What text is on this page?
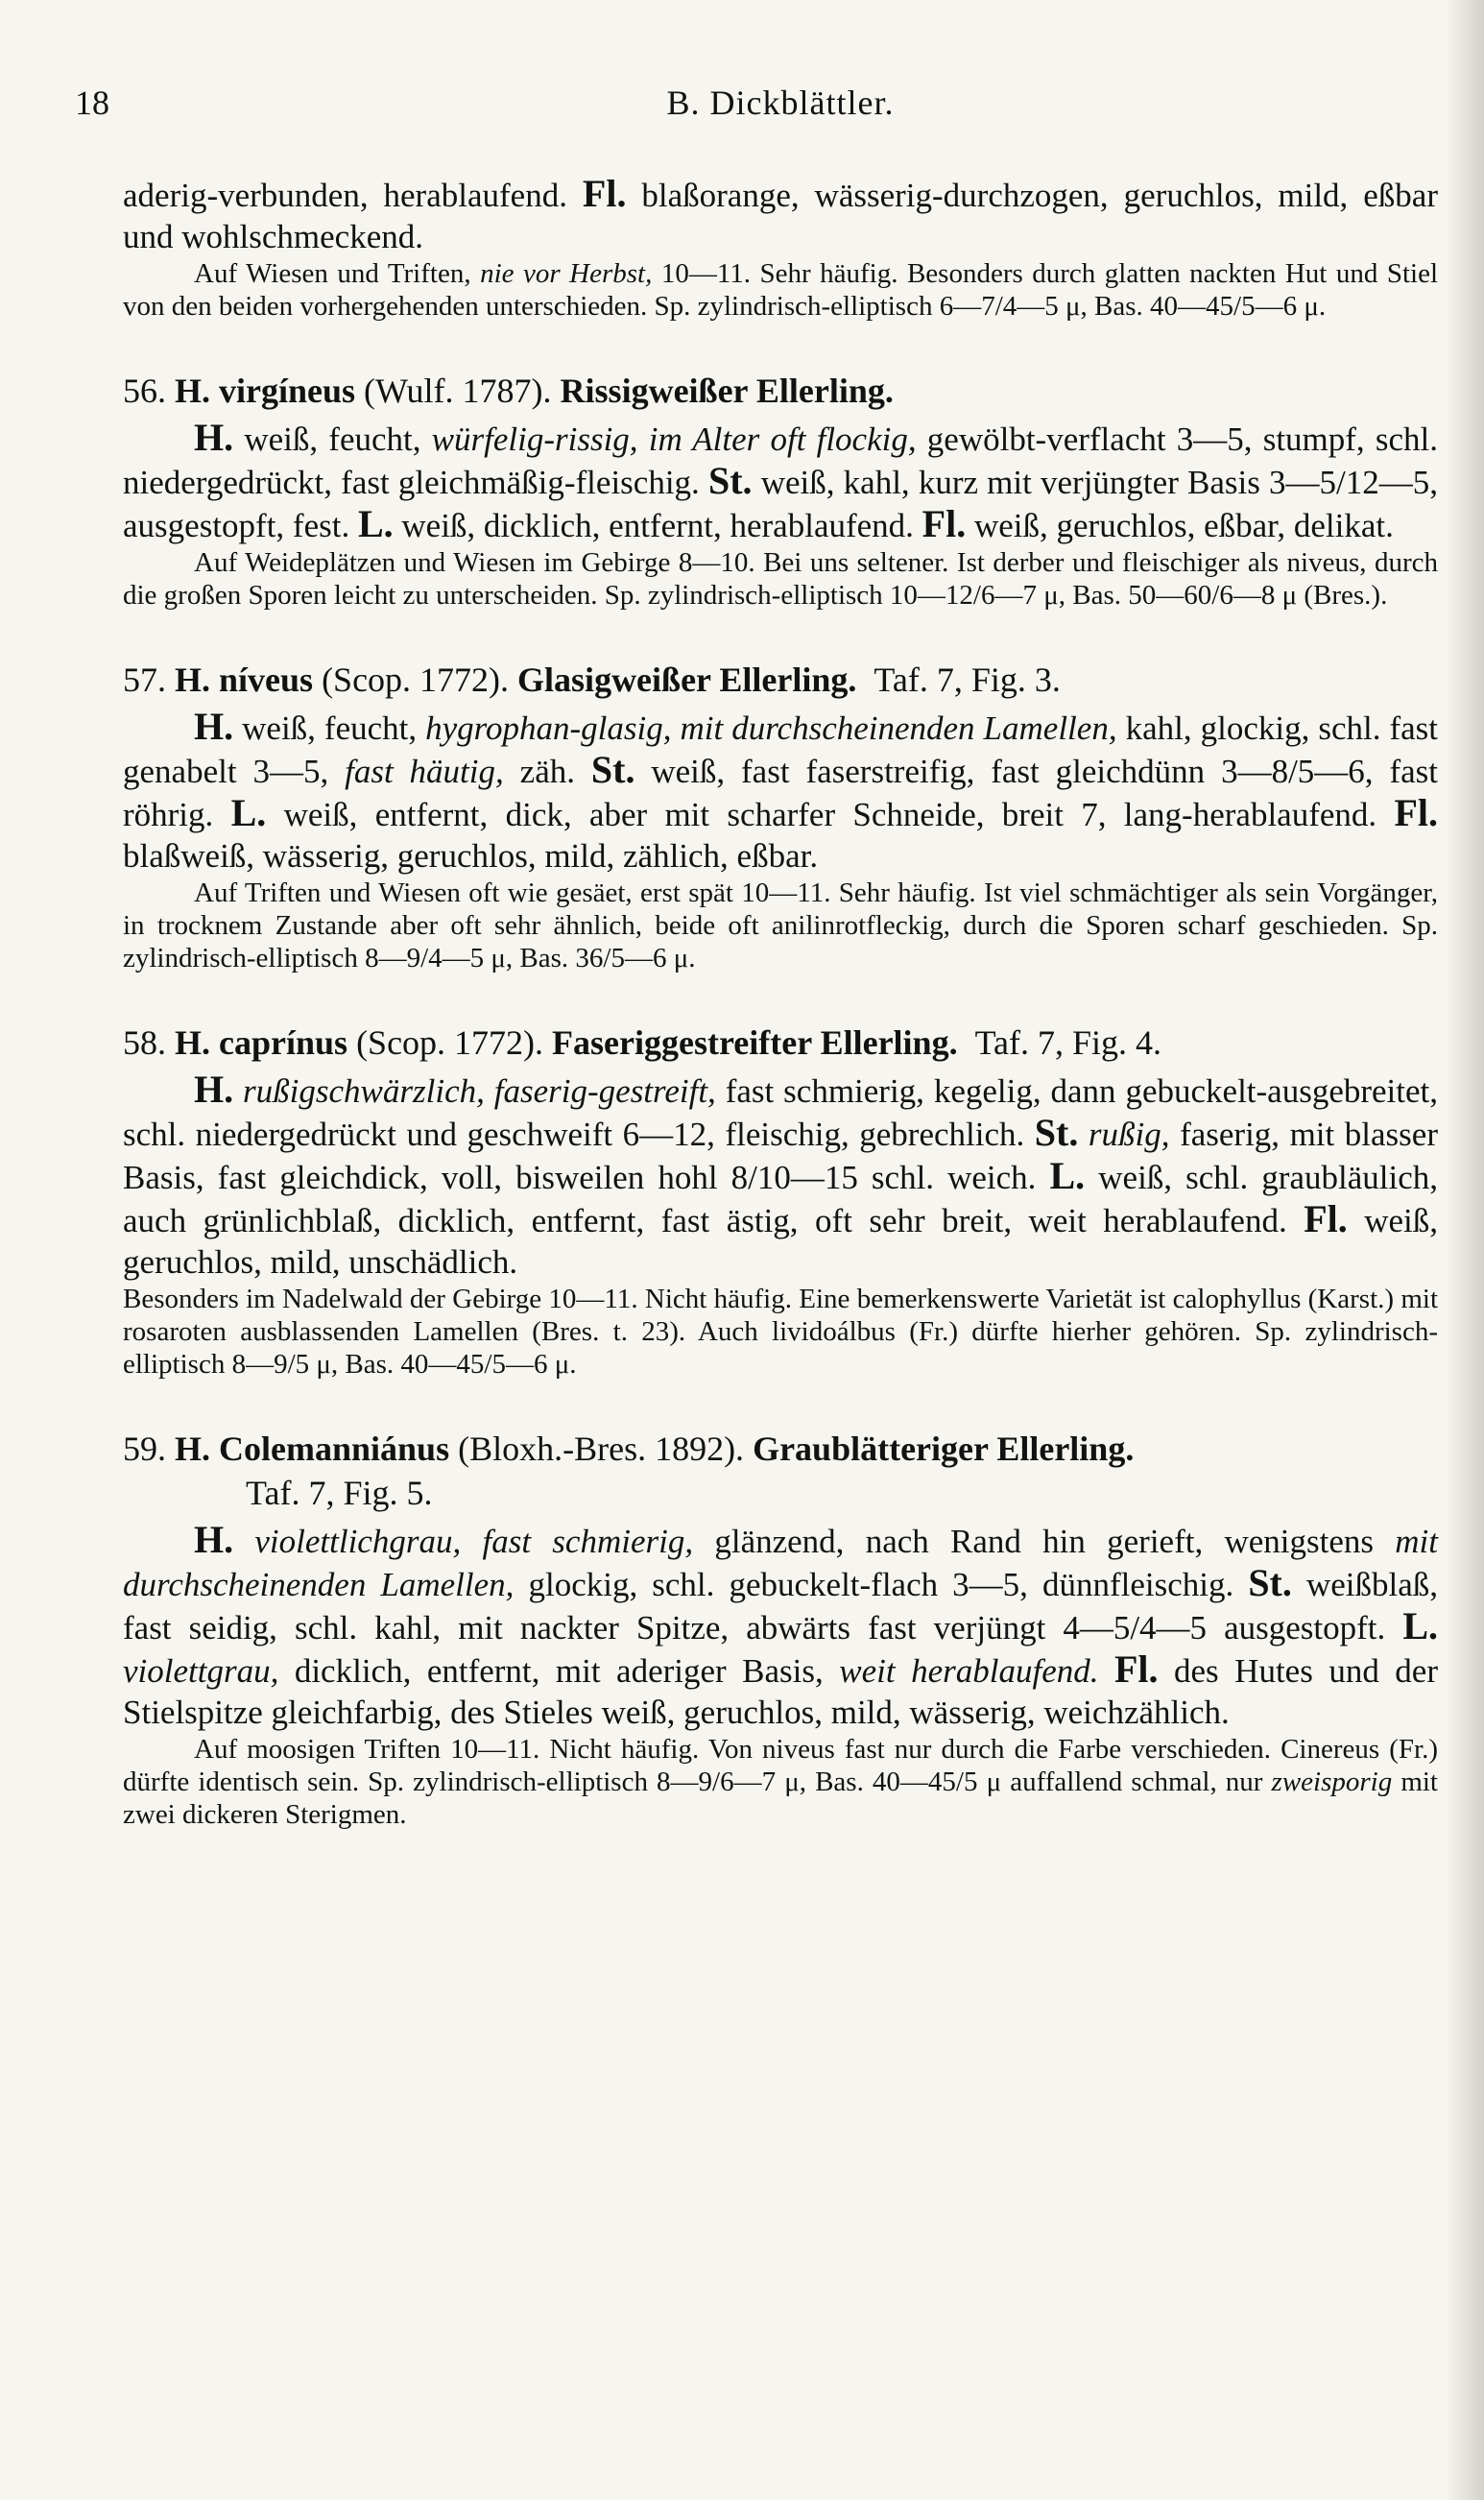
18	B. Dickblättler.

aderig-verbunden, herablaufend. Fl. blaßorange, wässerig-durchzogen, geruchlos, mild, eßbar und wohlschmeckend.

Auf Wiesen und Triften, nie vor Herbst, 10—11. Sehr häufig. Besonders durch glatten nackten Hut und Stiel von den beiden vorhergehenden unterschieden. Sp. zylindrisch-elliptisch 6—7/4—5 μ, Bas. 40—45/5—6 μ.

56. H. virgíneus (Wulf. 1787). Rissigweißer Ellerling.

H. weiß, feucht, würfelig-rissig, im Alter oft flockig, gewölbt-verflacht 3—5, stumpf, schl. niedergedrückt, fast gleichmäßig-fleischig. St. weiß, kahl, kurz mit verjüngter Basis 3—5/12—5, ausgestopft, fest. L. weiß, dicklich, entfernt, herablaufend. Fl. weiß, geruchlos, eßbar, delikat.

Auf Weideplätzen und Wiesen im Gebirge 8—10. Bei uns seltener. Ist derber und fleischiger als niveus, durch die großen Sporen leicht zu unterscheiden. Sp. zylindrisch-elliptisch 10—12/6—7 μ, Bas. 50—60/6—8 μ (Bres.).

57. H. níveus (Scop. 1772). Glasigweißer Ellerling. Taf. 7, Fig. 3.

H. weiß, feucht, hygrophan-glasig, mit durchscheinenden Lamellen, kahl, glockig, schl. fast genabelt 3—5, fast häutig, zäh. St. weiß, fast faserstreifig, fast gleichdünn 3—8/5—6, fast röhrig. L. weiß, entfernt, dick, aber mit scharfer Schneide, breit 7, lang-herablaufend. Fl. blaßweiß, wässerig, geruchlos, mild, zählich, eßbar.

Auf Triften und Wiesen oft wie gesäet, erst spät 10—11. Sehr häufig. Ist viel schmächtiger als sein Vorgänger, in trocknem Zustande aber oft sehr ähnlich, beide oft anilinrotfleckig, durch die Sporen scharf geschieden. Sp. zylindrisch-elliptisch 8—9/4—5 μ, Bas. 36/5—6 μ.

58. H. caprínus (Scop. 1772). Faseriggestreifter Ellerling. Taf. 7, Fig. 4.

H. rußigschwärzlich, faserig-gestreift, fast schmierig, kegelig, dann gebuckelt-ausgebreitet, schl. niedergedrückt und geschweift 6—12, fleischig, gebrechlich. St. rußig, faserig, mit blasser Basis, fast gleichdick, voll, bisweilen hohl 8/10—15 schl. weich. L. weiß, schl. graubläulich, auch grünlichblaß, dicklich, entfernt, fast ästig, oft sehr breit, weit herablaufend. Fl. weiß, geruchlos, mild, unschädlich.

Besonders im Nadelwald der Gebirge 10—11. Nicht häufig. Eine bemerkenswerte Varietät ist calophyllus (Karst.) mit rosaroten ausblassenden Lamellen (Bres. t. 23). Auch lividoálbus (Fr.) dürfte hierher gehören. Sp. zylindrisch-elliptisch 8—9/5 μ, Bas. 40—45/5—6 μ.

59. H. Colemanniánus (Bloxh.-Bres. 1892). Graublätteriger Ellerling.
Taf. 7, Fig. 5.

H. violettlichgrau, fast schmierig, glänzend, nach Rand hin gerieft, wenigstens mit durchscheinenden Lamellen, glockig, schl. gebuckelt-flach 3—5, dünnfleischig. St. weißblaß, fast seidig, schl. kahl, mit nackter Spitze, abwärts fast verjüngt 4—5/4—5 ausgestopft. L. violettgrau, dicklich, entfernt, mit aderiger Basis, weit herablaufend. Fl. des Hutes und der Stielspitze gleichfarbig, des Stieles weiß, geruchlos, mild, wässerig, weichzählich.

Auf moosigen Triften 10—11. Nicht häufig. Von niveus fast nur durch die Farbe verschieden. Cinereus (Fr.) dürfte identisch sein. Sp. zylindrisch-elliptisch 8—9/6—7 μ, Bas. 40—45/5 μ auffallend schmal, nur zweisporig mit zwei dickeren Sterigmen.
